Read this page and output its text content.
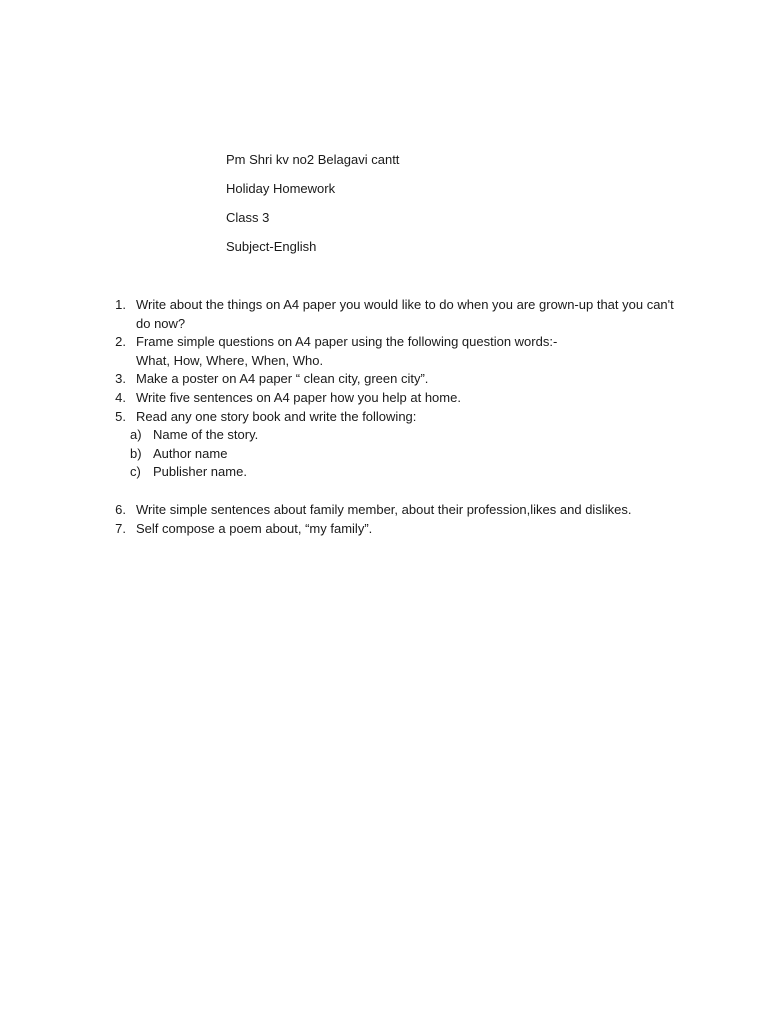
Pm Shri kv no2 Belagavi cantt
Holiday Homework
Class 3
Subject-English
1. Write about the things on A4 paper you would like to do when you are grown-up that you can't
do now?
2. Frame simple questions on A4 paper using the following question words:-
What, How, Where, When, Who.
3. Make a poster on A4 paper “ clean city, green city”.
4. Write five sentences on A4 paper how you help at home.
5. Read any one story book and write the following:
a) Name of the story.
b) Author name
c) Publisher name.
6. Write simple sentences about family member, about their profession,likes and dislikes.
7. Self compose a poem about, “my family”.
